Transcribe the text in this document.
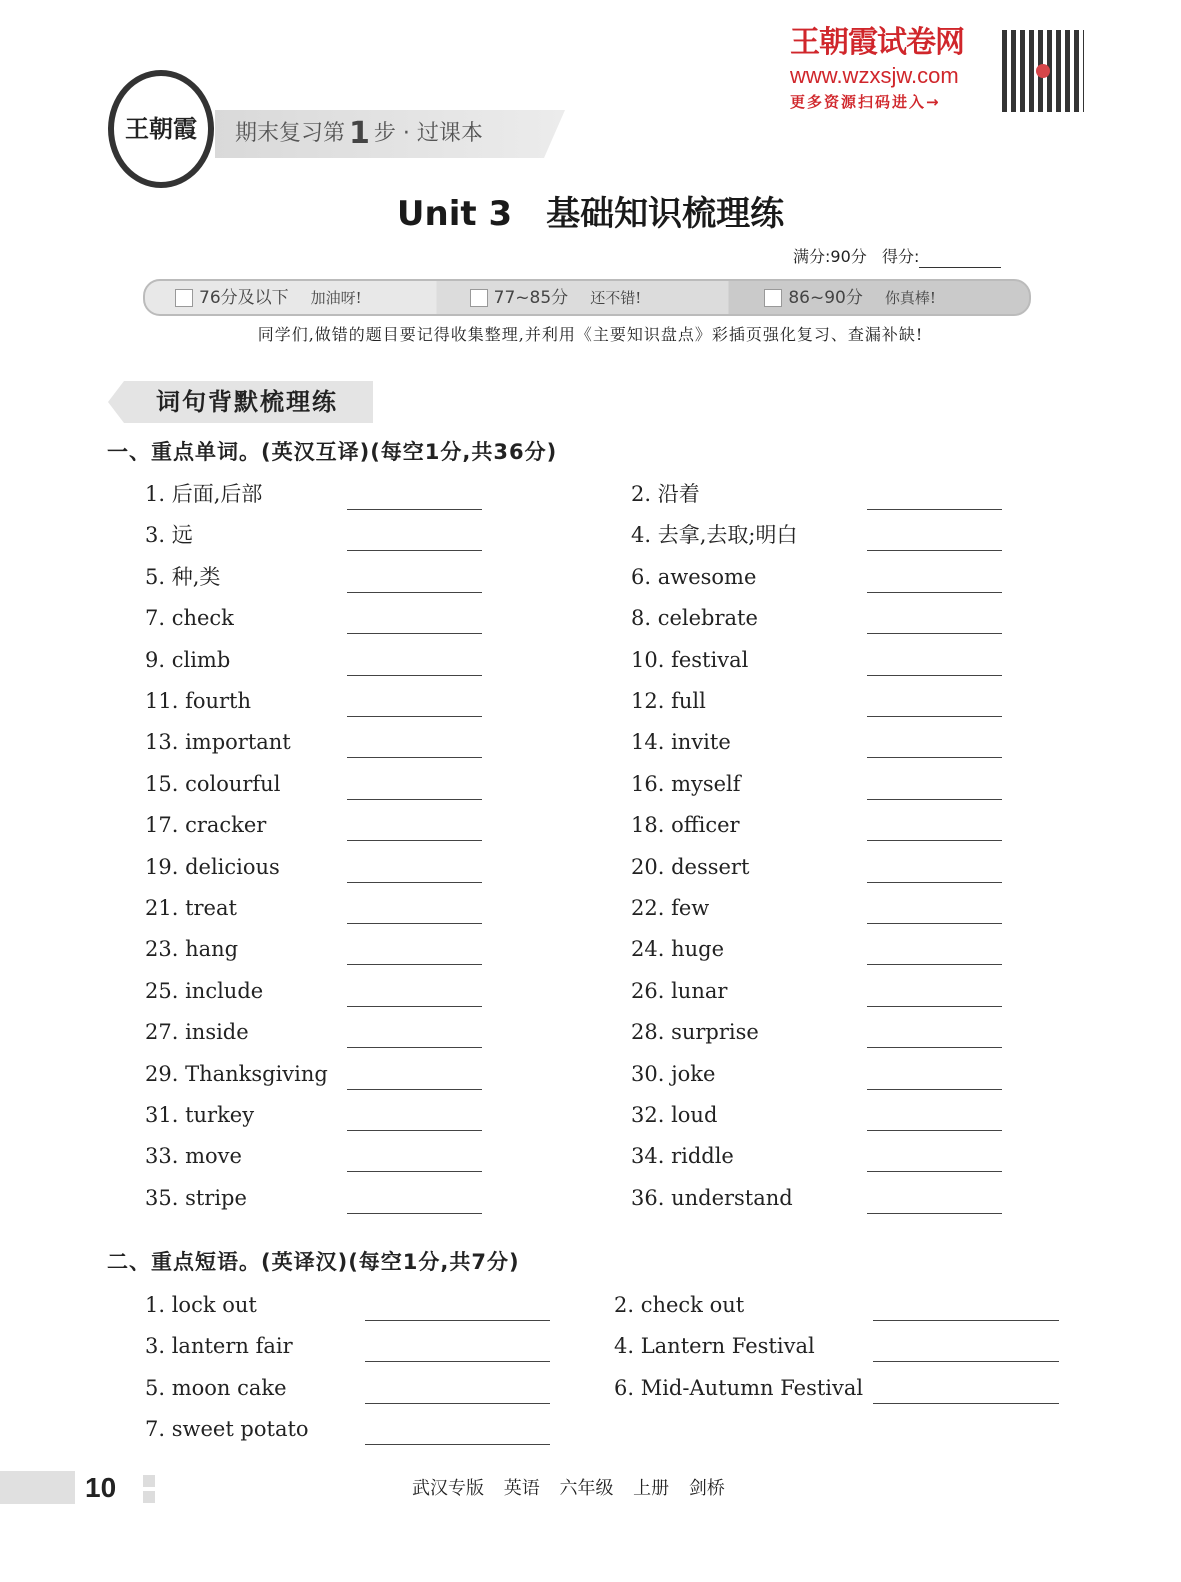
王朝霞试卷网
www.wzxsjw.com
更多资源扫码进入→
王朝霞 期末复习第 1 步 · 过课本
Unit 3　基础知识梳理练
满分:90分 得分:
76分及以下 加油呀!	77~85分 还不错!	86~90分 你真棒!
同学们,做错的题目要记得收集整理,并利用《主要知识盘点》彩插页强化复习、查漏补缺!
词句背默梳理练
一、重点单词。(英汉互译)(每空1分,共36分)
1. 后面,后部	2. 沿着
3. 远	4. 去拿,去取;明白
5. 种,类	6. awesome
7. check	8. celebrate
9. climb	10. festival
11. fourth	12. full
13. important	14. invite
15. colourful	16. myself
17. cracker	18. officer
19. delicious	20. dessert
21. treat	22. few
23. hang	24. huge
25. include	26. lunar
27. inside	28. surprise
29. Thanksgiving	30. joke
31. turkey	32. loud
33. move	34. riddle
35. stripe	36. understand
二、重点短语。(英译汉)(每空1分,共7分)
1. lock out	2. check out
3. lantern fair	4. Lantern Festival
5. moon cake	6. Mid-Autumn Festival
7. sweet potato
10	武汉专版 英语 六年级 上册 剑桥
